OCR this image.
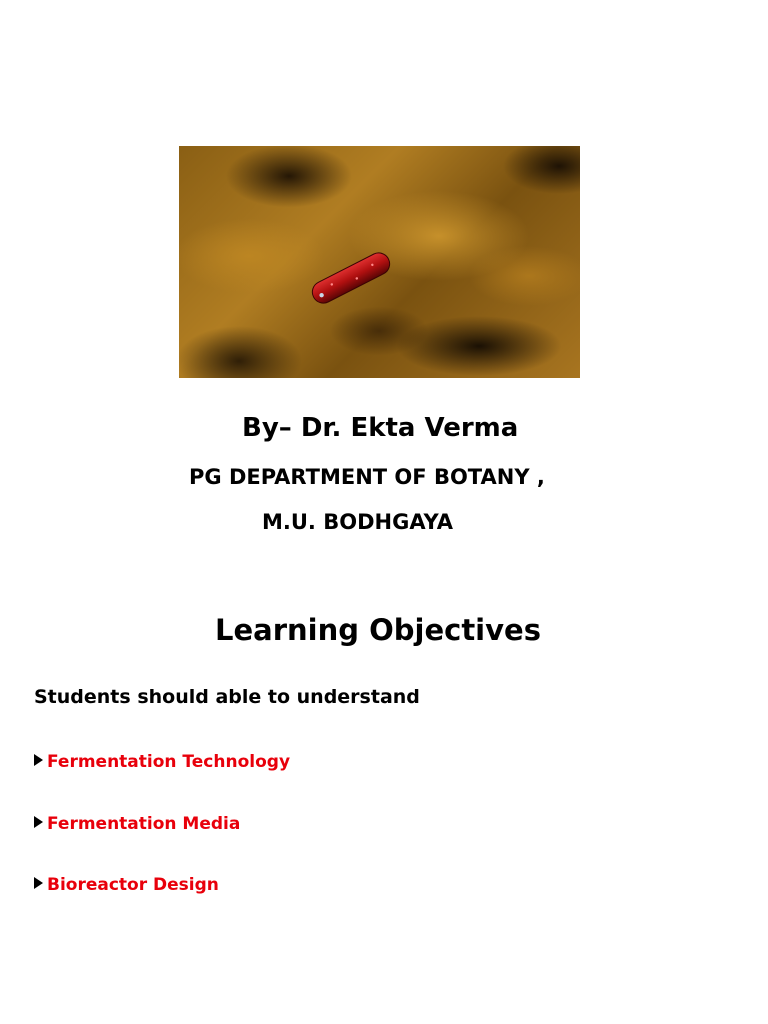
By– Dr. Ekta Verma
PG DEPARTMENT OF BOTANY ,
M.U. BODHGAYA
Learning Objectives
Students should able to understand
Fermentation Technology
Fermentation Media
Bioreactor Design
